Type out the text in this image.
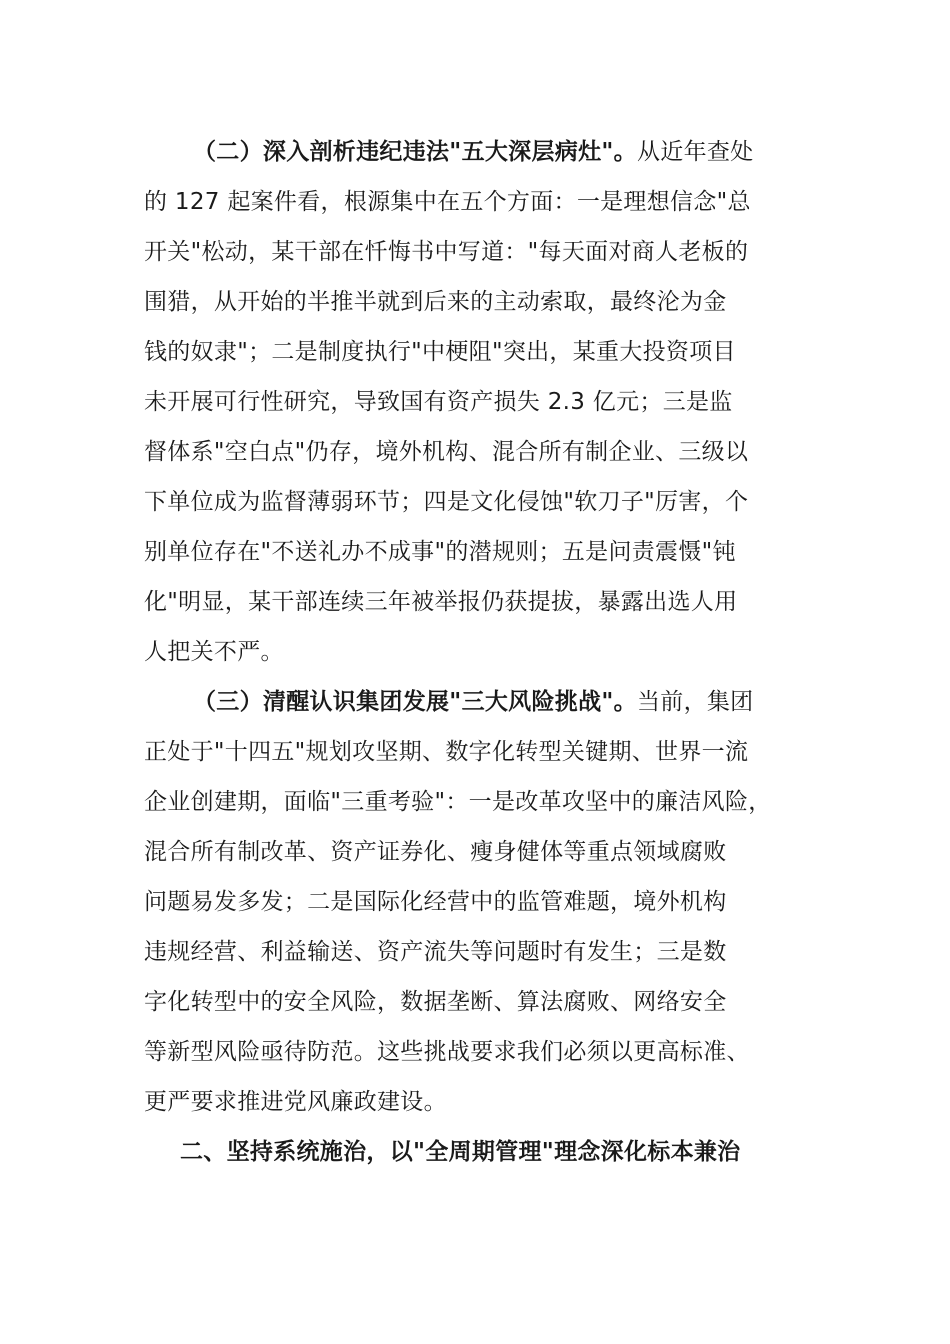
（二）深入剖析违纪违法"五大深层病灶"。从近年查处
的 127 起案件看，根源集中在五个方面：一是理想信念"总
开关"松动，某干部在忏悔书中写道："每天面对商人老板的
围猎，从开始的半推半就到后来的主动索取，最终沦为金
钱的奴隶"；二是制度执行"中梗阻"突出，某重大投资项目
未开展可行性研究，导致国有资产损失 2.3 亿元；三是监
督体系"空白点"仍存，境外机构、混合所有制企业、三级以
下单位成为监督薄弱环节；四是文化侵蚀"软刀子"厉害，个
别单位存在"不送礼办不成事"的潜规则；五是问责震慑"钝
化"明显，某干部连续三年被举报仍获提拔，暴露出选人用
人把关不严。
（三）清醒认识集团发展"三大风险挑战"。当前，集团
正处于"十四五"规划攻坚期、数字化转型关键期、世界一流
企业创建期，面临"三重考验"：一是改革攻坚中的廉洁风险，
混合所有制改革、资产证券化、瘦身健体等重点领域腐败
问题易发多发；二是国际化经营中的监管难题，境外机构
违规经营、利益输送、资产流失等问题时有发生；三是数
字化转型中的安全风险，数据垄断、算法腐败、网络安全
等新型风险亟待防范。这些挑战要求我们必须以更高标准、
更严要求推进党风廉政建设。
二、坚持系统施治，以"全周期管理"理念深化标本兼治
